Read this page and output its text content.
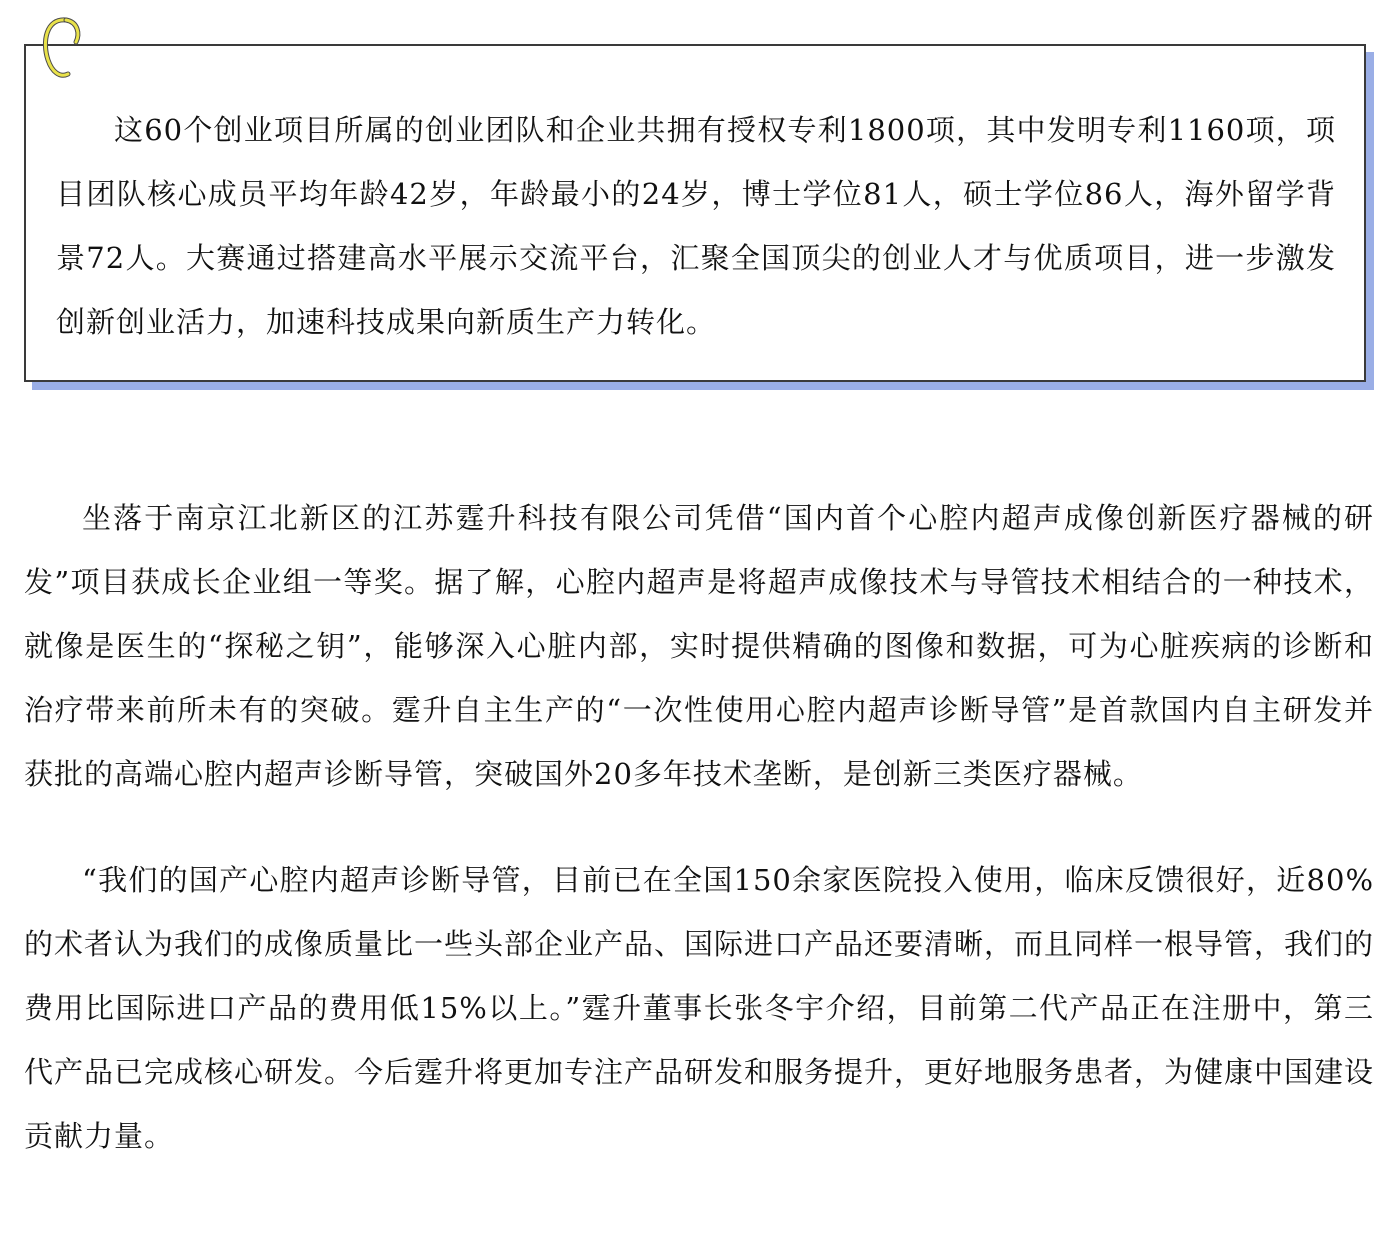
这60个创业项目所属的创业团队和企业共拥有授权专利1800项，其中发明专利1160项，项目团队核心成员平均年龄42岁，年龄最小的24岁，博士学位81人，硕士学位86人，海外留学背景72人。大赛通过搭建高水平展示交流平台，汇聚全国顶尖的创业人才与优质项目，进一步激发创新创业活力，加速科技成果向新质生产力转化。

坐落于南京江北新区的江苏霆升科技有限公司凭借“国内首个心腔内超声成像创新医疗器械的研发”项目获成长企业组一等奖。据了解，心腔内超声是将超声成像技术与导管技术相结合的一种技术，就像是医生的“探秘之钥”，能够深入心脏内部，实时提供精确的图像和数据，可为心脏疾病的诊断和治疗带来前所未有的突破。霆升自主生产的“一次性使用心腔内超声诊断导管”是首款国内自主研发并获批的高端心腔内超声诊断导管，突破国外20多年技术垄断，是创新三类医疗器械。

“我们的国产心腔内超声诊断导管，目前已在全国150余家医院投入使用，临床反馈很好，近80%的术者认为我们的成像质量比一些头部企业产品、国际进口产品还要清晰，而且同样一根导管，我们的费用比国际进口产品的费用低15%以上。”霆升董事长张冬宇介绍，目前第二代产品正在注册中，第三代产品已完成核心研发。今后霆升将更加专注产品研发和服务提升，更好地服务患者，为健康中国建设贡献力量。
